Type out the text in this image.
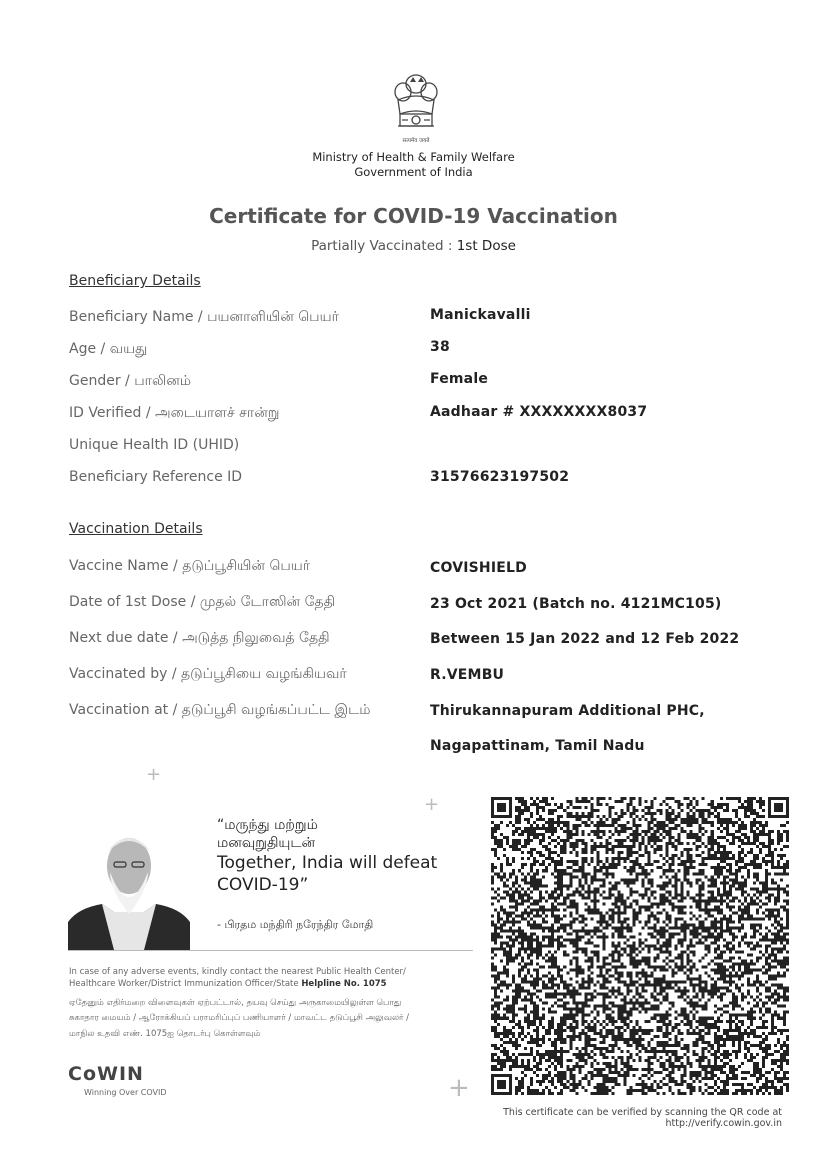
सत्यमेव जयते
Ministry of Health & Family Welfare
Government of India
Certificate for COVID-19 Vaccination
Partially Vaccinated : 1st Dose
Beneficiary Details
Beneficiary Name / பயனாளியின் பெயர்	Manickavalli
Age / வயது	38
Gender / பாலினம்	Female
ID Verified / அடையாளச் சான்று	Aadhaar # XXXXXXXX8037
Unique Health ID (UHID)
Beneficiary Reference ID	31576623197502
Vaccination Details
Vaccine Name / தடுப்பூசியின் பெயர்	COVISHIELD
Date of 1st Dose / முதல் டோஸின் தேதி	23 Oct 2021 (Batch no. 4121MC105)
Next due date / அடுத்த நிலுவைத் தேதி	Between 15 Jan 2022 and 12 Feb 2022
Vaccinated by / தடுப்பூசியை வழங்கியவர்	R.VEMBU
Vaccination at / தடுப்பூசி வழங்கப்பட்ட இடம்	Thirukannapuram Additional PHC,
Nagapattinam, Tamil Nadu
+
+
+
“மருந்து மற்றும்
மனவுறுதியுடன்
Together, India will defeat
COVID-19”
- பிரதம மந்திரி நரேந்திர மோதி
In case of any adverse events, kindly contact the nearest Public Health Center/
Healthcare Worker/District Immunization Officer/State Helpline No. 1075
ஏதேனும் எதிர்மறை விளைவுகள் ஏற்பட்டால், தயவு செய்து அருகாமையிலுள்ள பொது
சுகாதார மையம் / ஆரோக்கியப் பராமரிப்புப் பணியாளர் / மாவட்ட தடுப்பூசி அலுவலர் /
மாநில உதவி எண். 1075ஐ தொடர்பு கொள்ளவும்
CoWIN
Winning Over COVID
This certificate can be verified by scanning the QR code at
http://verify.cowin.gov.in
